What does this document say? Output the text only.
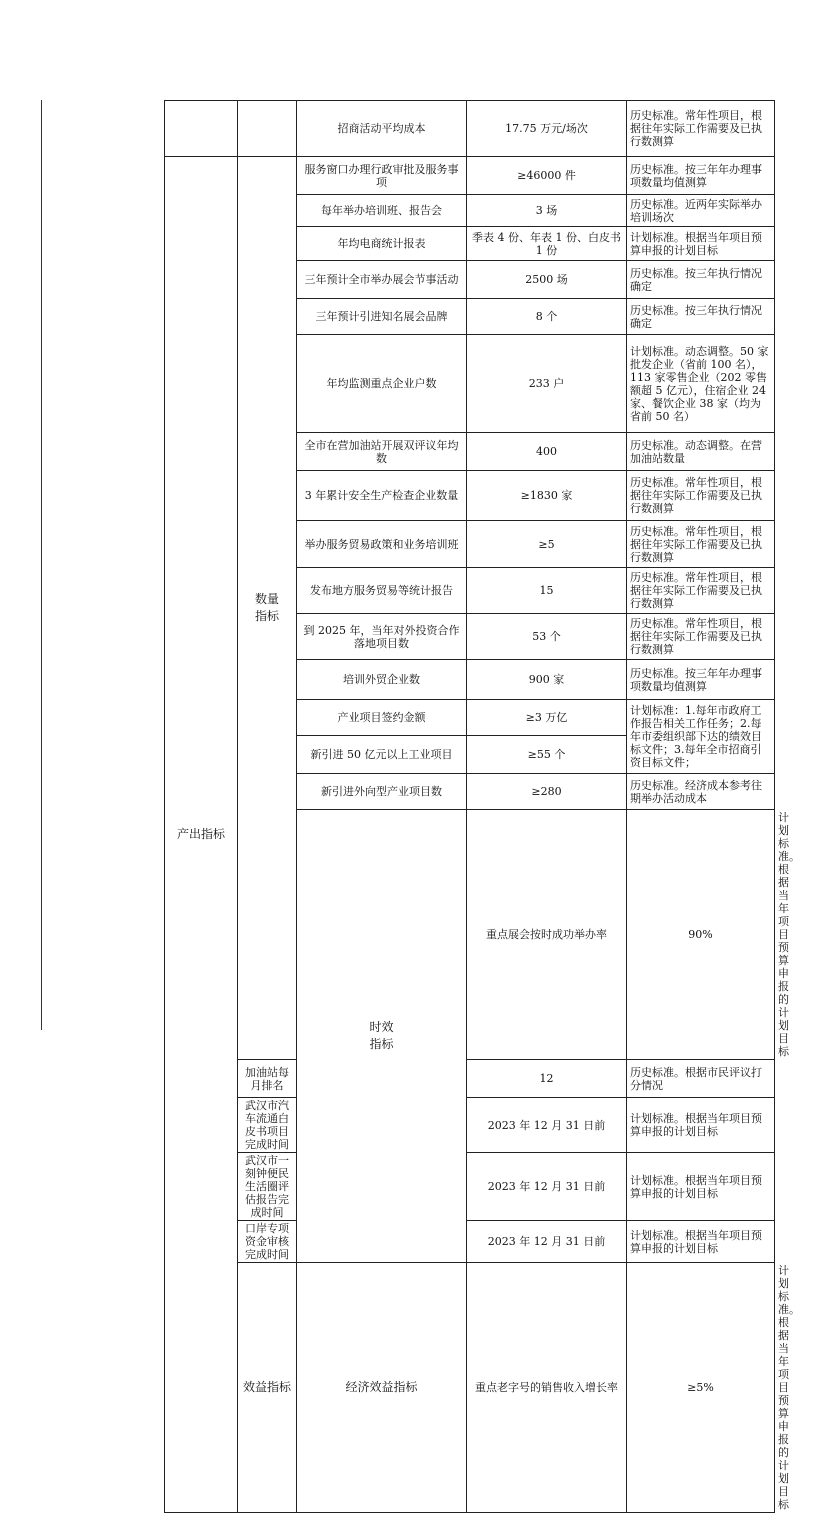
		招商活动平均成本	17.75 万元/场次	历史标准。常年性项目，根据往年实际工作需要及已执行数测算	
产出指标	数量指标	服务窗口办理行政审批及服务事项	≥46000 件	历史标准。按三年年办理事项数量均值测算	
		每年举办培训班、报告会	3 场	历史标准。近两年实际举办培训场次	
		年均电商统计报表	季表 4 份、年表 1 份、白皮书 1 份	计划标准。根据当年项目预算申报的计划目标	
		三年预计全市举办展会节事活动	2500 场	历史标准。按三年执行情况确定	
		三年预计引进知名展会品牌	8 个	历史标准。按三年执行情况确定	
		年均监测重点企业户数	233 户	计划标准。动态调整。50 家批发企业（省前 100 名），113 家零售企业（202 零售额超 5 亿元），住宿企业 24 家、餐饮企业 38 家（均为省前 50 名）	
		全市在营加油站开展双评议年均数	400	历史标准。动态调整。在营加油站数量	
		3 年累计安全生产检查企业数量	≥1830 家	历史标准。常年性项目，根据往年实际工作需要及已执行数测算	
		举办服务贸易政策和业务培训班	≥5	历史标准。常年性项目，根据往年实际工作需要及已执行数测算	
		发布地方服务贸易等统计报告	15	历史标准。常年性项目，根据往年实际工作需要及已执行数测算	
		到 2025 年，当年对外投资合作落地项目数	53 个	历史标准。常年性项目，根据往年实际工作需要及已执行数测算	
		培训外贸企业数	900 家	历史标准。按三年年办理事项数量均值测算	
		产业项目签约金额	≥3 万亿	计划标准：1.每年市政府工作报告相关工作任务；2.每年市委组织部下达的绩效目标文件；3.每年全市招商引资目标文件；	
		新引进 50 亿元以上工业项目	≥55 个		
		新引进外向型产业项目数	≥280	历史标准。经济成本参考往期举办活动成本	
		时效指标	重点展会按时成功举办率	90%	计划标准。根据当年项目预算申报的计划目标
	加油站每月排名		12	历史标准。根据市民评议打分情况	
	武汉市汽车流通白皮书项目完成时间		2023 年 12 月 31 日前	计划标准。根据当年项目预算申报的计划目标	
	武汉市一刻钟便民生活圈评估报告完成时间		2023 年 12 月 31 日前	计划标准。根据当年项目预算申报的计划目标	
	口岸专项资金审核完成时间		2023 年 12 月 31 日前	计划标准。根据当年项目预算申报的计划目标	
	效益指标	经济效益指标	重点老字号的销售收入增长率	≥5%	计划标准。根据当年项目预算申报的计划目标
